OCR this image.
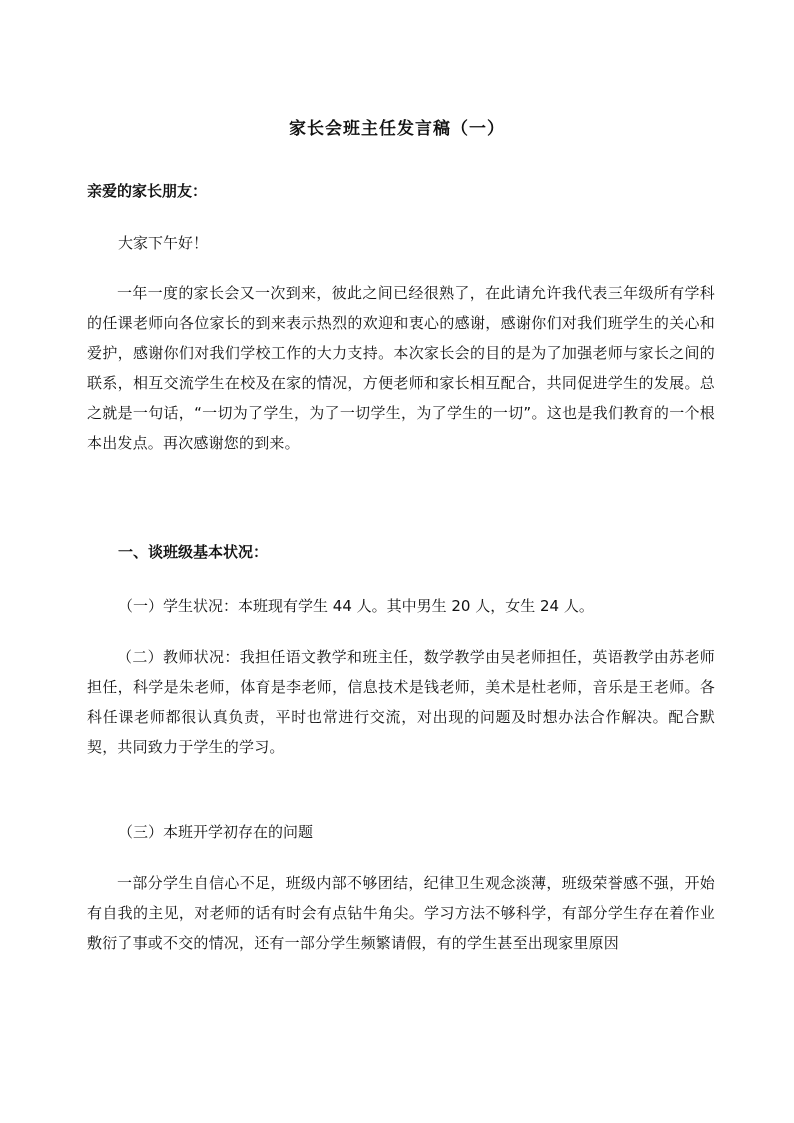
家长会班主任发言稿（一）
亲爱的家长朋友：
大家下午好！
一年一度的家长会又一次到来，彼此之间已经很熟了，在此请允许我代表三年级所有学科的任课老师向各位家长的到来表示热烈的欢迎和衷心的感谢，感谢你们对我们班学生的关心和爱护，感谢你们对我们学校工作的大力支持。本次家长会的目的是为了加强老师与家长之间的联系，相互交流学生在校及在家的情况，方便老师和家长相互配合，共同促进学生的发展。总之就是一句话，“一切为了学生，为了一切学生，为了学生的一切”。这也是我们教育的一个根本出发点。再次感谢您的到来。
一、谈班级基本状况：
（一）学生状况：本班现有学生 44 人。其中男生 20 人，女生 24 人。
（二）教师状况：我担任语文教学和班主任，数学教学由吴老师担任，英语教学由苏老师担任，科学是朱老师，体育是李老师，信息技术是钱老师，美术是杜老师，音乐是王老师。各科任课老师都很认真负责，平时也常进行交流，对出现的问题及时想办法合作解决。配合默契，共同致力于学生的学习。
（三）本班开学初存在的问题
一部分学生自信心不足，班级内部不够团结，纪律卫生观念淡薄，班级荣誉感不强，开始有自我的主见，对老师的话有时会有点钻牛角尖。学习方法不够科学，有部分学生存在着作业敷衍了事或不交的情况，还有一部分学生频繁请假，有的学生甚至出现家里原因
